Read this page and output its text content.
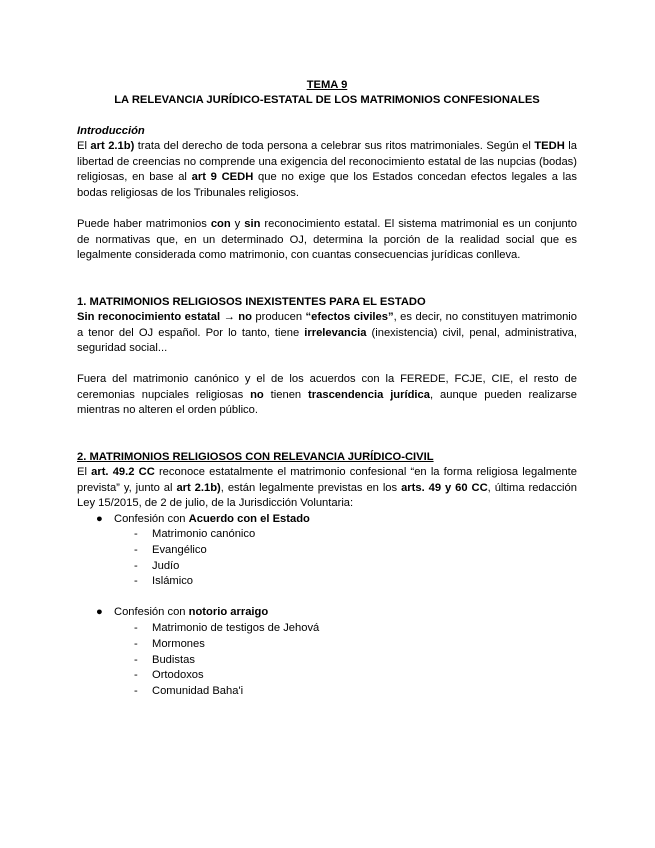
TEMA 9
LA RELEVANCIA JURÍDICO-ESTATAL DE LOS MATRIMONIOS CONFESIONALES
Introducción
El art 2.1b) trata del derecho de toda persona a celebrar sus ritos matrimoniales. Según el TEDH la libertad de creencias no comprende una exigencia del reconocimiento estatal de las nupcias (bodas) religiosas, en base al art 9 CEDH que no exige que los Estados concedan efectos legales a las bodas religiosas de los Tribunales religiosos.
Puede haber matrimonios con y sin reconocimiento estatal. El sistema matrimonial es un conjunto de normativas que, en un determinado OJ, determina la porción de la realidad social que es legalmente considerada como matrimonio, con cuantas consecuencias jurídicas conlleva.
1. MATRIMONIOS RELIGIOSOS INEXISTENTES PARA EL ESTADO
Sin reconocimiento estatal → no producen “efectos civiles”, es decir, no constituyen matrimonio a tenor del OJ español. Por lo tanto, tiene irrelevancia (inexistencia) civil, penal, administrativa, seguridad social...
Fuera del matrimonio canónico y el de los acuerdos con la FEREDE, FCJE, CIE, el resto de ceremonias nupciales religiosas no tienen trascendencia jurídica, aunque pueden realizarse mientras no alteren el orden público.
2. MATRIMONIOS RELIGIOSOS CON RELEVANCIA JURÍDICO-CIVIL
El art. 49.2 CC reconoce estatalmente el matrimonio confesional “en la forma religiosa legalmente prevista” y, junto al art 2.1b), están legalmente previstas en los arts. 49 y 60 CC, última redacción Ley 15/2015, de 2 de julio, de la Jurisdicción Voluntaria:
●	Confesión con Acuerdo con el Estado
- Matrimonio canónico
- Evangélico
- Judío
- Islámico
●	Confesión con notorio arraigo
- Matrimonio de testigos de Jehová
- Mormones
- Budistas
- Ortodoxos
- Comunidad Baha'i
